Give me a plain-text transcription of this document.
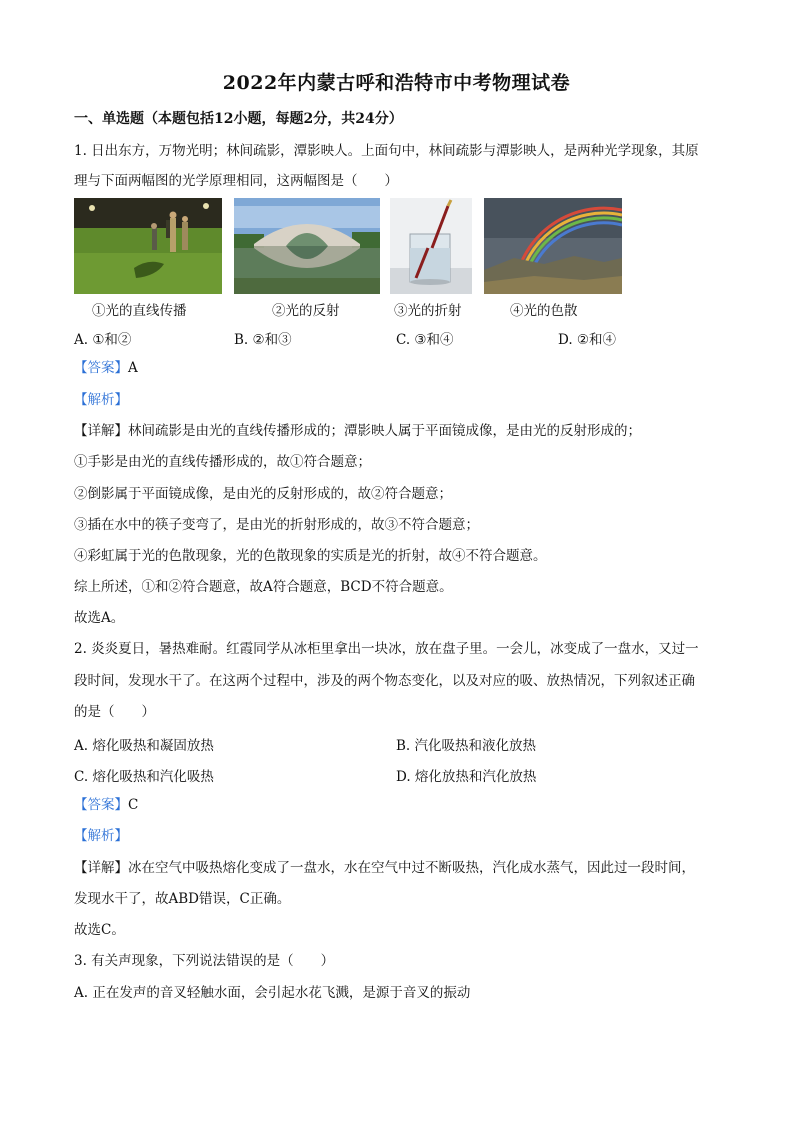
2022年内蒙古呼和浩特市中考物理试卷
一、单选题（本题包括12小题，每题2分，共24分）
1. 日出东方，万物光明；林间疏影，潭影映人。上面句中，林间疏影与潭影映人，是两种光学现象，其原
理与下面两幅图的光学原理相同，这两幅图是（　　）
①光的直线传播	②光的反射	③光的折射	④光的色散
A. ①和②	B. ②和③	C. ③和④	D. ②和④
【答案】A
【解析】
【详解】林间疏影是由光的直线传播形成的；潭影映人属于平面镜成像，是由光的反射形成的；
①手影是由光的直线传播形成的，故①符合题意；
②倒影属于平面镜成像，是由光的反射形成的，故②符合题意；
③插在水中的筷子变弯了，是由光的折射形成的，故③不符合题意；
④彩虹属于光的色散现象，光的色散现象的实质是光的折射，故④不符合题意。
综上所述，①和②符合题意，故A符合题意，BCD不符合题意。
故选A。
2. 炎炎夏日，暑热难耐。红霞同学从冰柜里拿出一块冰，放在盘子里。一会儿，冰变成了一盘水，又过一
段时间，发现水干了。在这两个过程中，涉及的两个物态变化，以及对应的吸、放热情况，下列叙述正确
的是（　　）
A. 熔化吸热和凝固放热	B. 汽化吸热和液化放热
C. 熔化吸热和汽化吸热	D. 熔化放热和汽化放热
【答案】C
【解析】
【详解】冰在空气中吸热熔化变成了一盘水，水在空气中过不断吸热，汽化成水蒸气，因此过一段时间，
发现水干了，故ABD错误，C正确。
故选C。
3. 有关声现象，下列说法错误的是（　　）
A. 正在发声的音叉轻触水面，会引起水花飞溅，是源于音叉的振动
